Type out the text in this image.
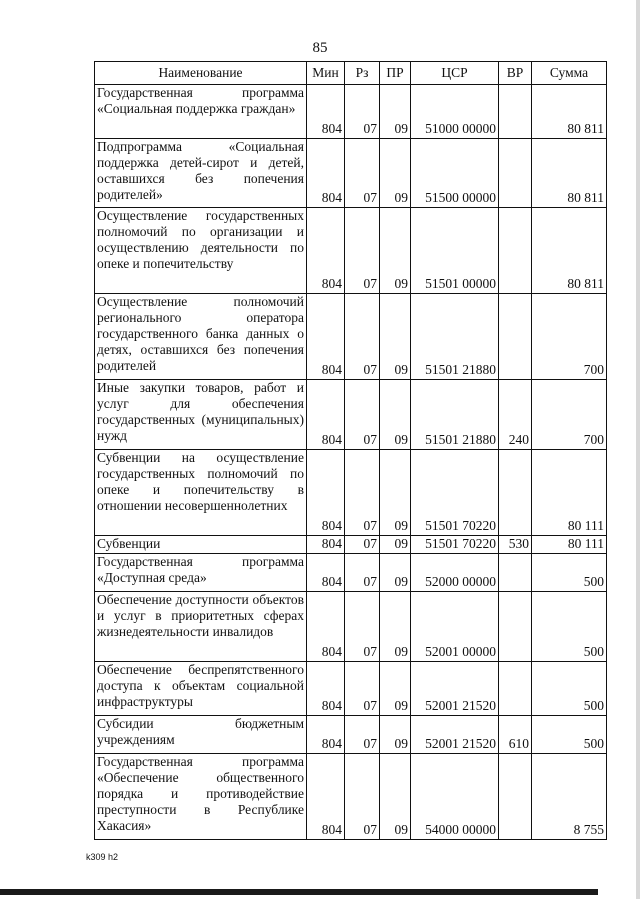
85
Наименование	Мин	Рз	ПР	ЦСР	ВР	Сумма
Государственная программа «Социальная поддержка граждан»	804	07	09	51000 00000		80 811
Подпрограмма «Социальная поддержка детей-сирот и детей, оставшихся без попечения родителей»	804	07	09	51500 00000		80 811
Осуществление государственных полномочий по организации и осуществлению деятельности по опеке и попечительству	804	07	09	51501 00000		80 811
Осуществление полномочий регионального оператора государственного банка данных о детях, оставшихся без попечения родителей	804	07	09	51501 21880		700
Иные закупки товаров, работ и услуг для обеспечения государственных (муниципальных) нужд	804	07	09	51501 21880	240	700
Субвенции на осуществление государственных полномочий по опеке и попечительству в отношении несовершеннолетних	804	07	09	51501 70220		80 111
Субвенции	804	07	09	51501 70220	530	80 111
Государственная программа «Доступная среда»	804	07	09	52000 00000		500
Обеспечение доступности объектов и услуг в приоритетных сферах жизнедеятельности инвалидов	804	07	09	52001 00000		500
Обеспечение беспрепятственного доступа к объектам социальной инфраструктуры	804	07	09	52001 21520		500
Субсидии бюджетным учреждениям	804	07	09	52001 21520	610	500
Государственная программа «Обеспечение общественного порядка и противодействие преступности в Республике Хакасия»	804	07	09	54000 00000		8 755
k309 h2
